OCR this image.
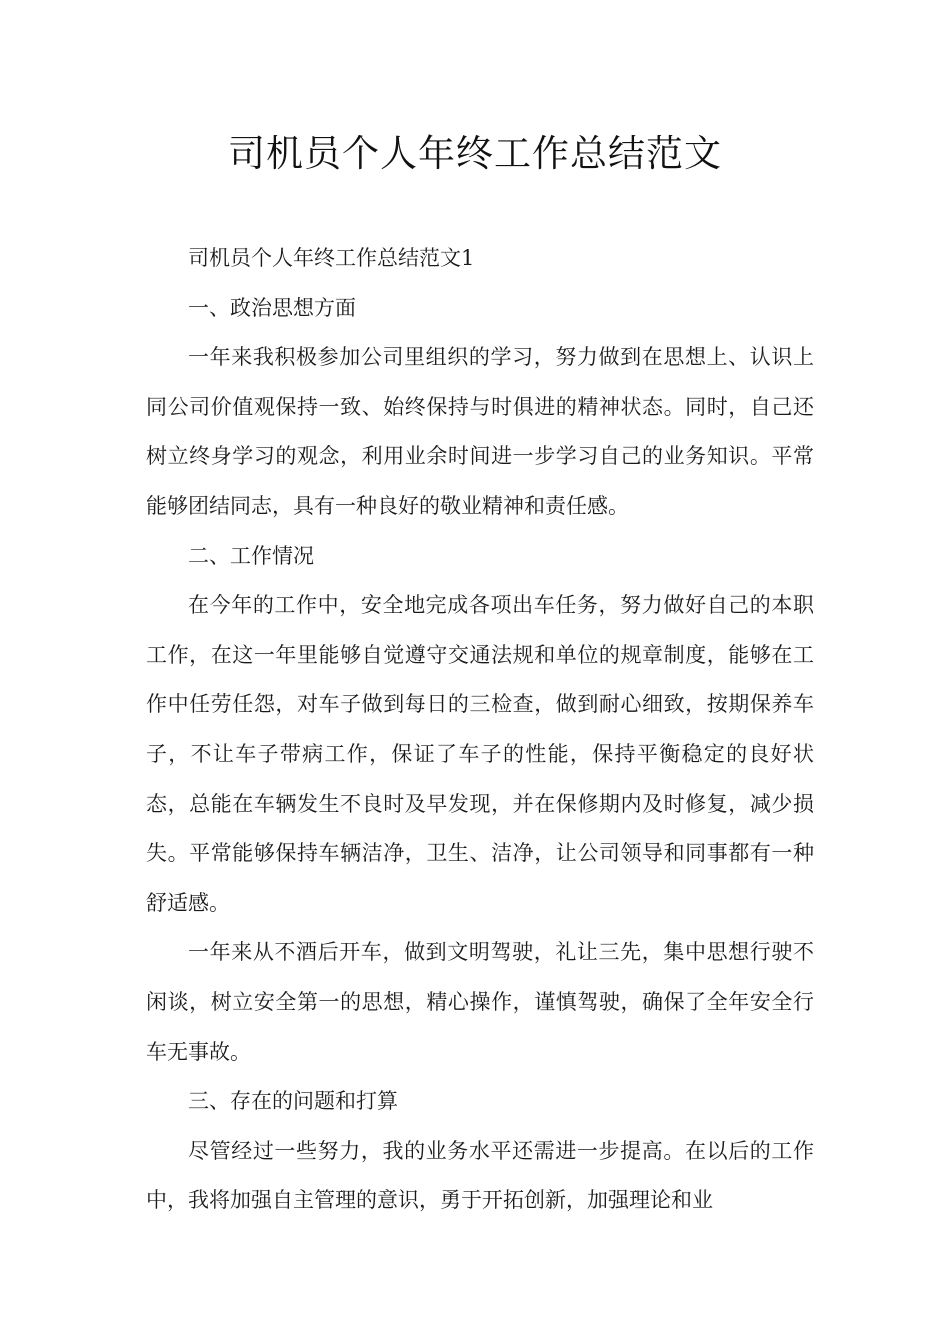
司机员个人年终工作总结范文

司机员个人年终工作总结范文1

一、政治思想方面

一年来我积极参加公司里组织的学习，努力做到在思想上、认识上同公司价值观保持一致、始终保持与时俱进的精神状态。同时，自己还树立终身学习的观念，利用业余时间进一步学习自己的业务知识。平常能够团结同志，具有一种良好的敬业精神和责任感。

二、工作情况

在今年的工作中，安全地完成各项出车任务，努力做好自己的本职工作，在这一年里能够自觉遵守交通法规和单位的规章制度，能够在工作中任劳任怨，对车子做到每日的三检查，做到耐心细致，按期保养车子，不让车子带病工作，保证了车子的性能，保持平衡稳定的良好状态，总能在车辆发生不良时及早发现，并在保修期内及时修复，减少损失。平常能够保持车辆洁净，卫生、洁净，让公司领导和同事都有一种舒适感。

一年来从不酒后开车，做到文明驾驶，礼让三先，集中思想行驶不闲谈，树立安全第一的思想，精心操作，谨慎驾驶，确保了全年安全行车无事故。

三、存在的问题和打算

尽管经过一些努力，我的业务水平还需进一步提高。在以后的工作中，我将加强自主管理的意识，勇于开拓创新，加强理论和业
